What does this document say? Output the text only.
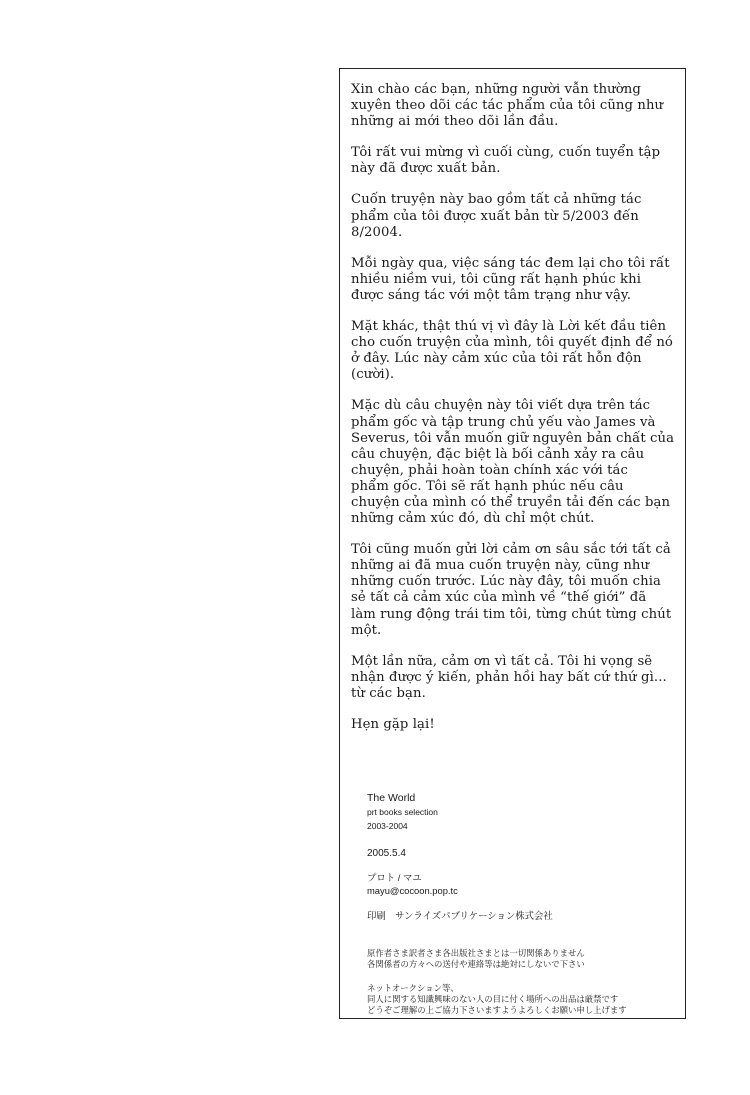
Xin chào các bạn, những người vẫn thường
xuyên theo dõi các tác phẩm của tôi cũng như
những ai mới theo dõi lần đầu.

Tôi rất vui mừng vì cuối cùng, cuốn tuyển tập
này đã được xuất bản.

Cuốn truyện này bao gồm tất cả những tác
phẩm của tôi được xuất bản từ 5/2003 đến
8/2004.

Mỗi ngày qua, việc sáng tác đem lại cho tôi rất
nhiều niềm vui, tôi cũng rất hạnh phúc khi
được sáng tác với một tâm trạng như vậy.

Mặt khác, thật thú vị vì đây là Lời kết đầu tiên
cho cuốn truyện của mình, tôi quyết định để nó
ở đây. Lúc này cảm xúc của tôi rất hỗn độn
(cười).

Mặc dù câu chuyện này tôi viết dựa trên tác
phẩm gốc và tập trung chủ yếu vào James và
Severus, tôi vẫn muốn giữ nguyên bản chất của
câu chuyện, đặc biệt là bối cảnh xảy ra câu
chuyện, phải hoàn toàn chính xác với tác
phẩm gốc. Tôi sẽ rất hạnh phúc nếu câu
chuyện của mình có thể truyền tải đến các bạn
những cảm xúc đó, dù chỉ một chút.

Tôi cũng muốn gửi lời cảm ơn sâu sắc tới tất cả
những ai đã mua cuốn truyện này, cũng như
những cuốn trước. Lúc này đây, tôi muốn chia
sẻ tất cả cảm xúc của mình về “thế giới” đã
làm rung động trái tim tôi, từng chút từng chút
một.

Một lần nữa, cảm ơn vì tất cả. Tôi hi vọng sẽ
nhận được ý kiến, phản hồi hay bất cứ thứ gì...
từ các bạn.

Hẹn gặp lại!

The World
prt books selection
2003-2004

2005.5.4
プロト / マユ
mayu@cocoon.pop.tc
印刷　サンライズパブリケーション株式会社
原作者さま訳者さま各出版社さまとは一切関係ありません
各関係者の方々への送付や連絡等は絶対にしないで下さい
ネットオークション等、
同人に関する知識興味のない人の目に付く場所への出品は厳禁です
どうぞご理解の上ご協力下さいますようよろしくお願い申し上げます
